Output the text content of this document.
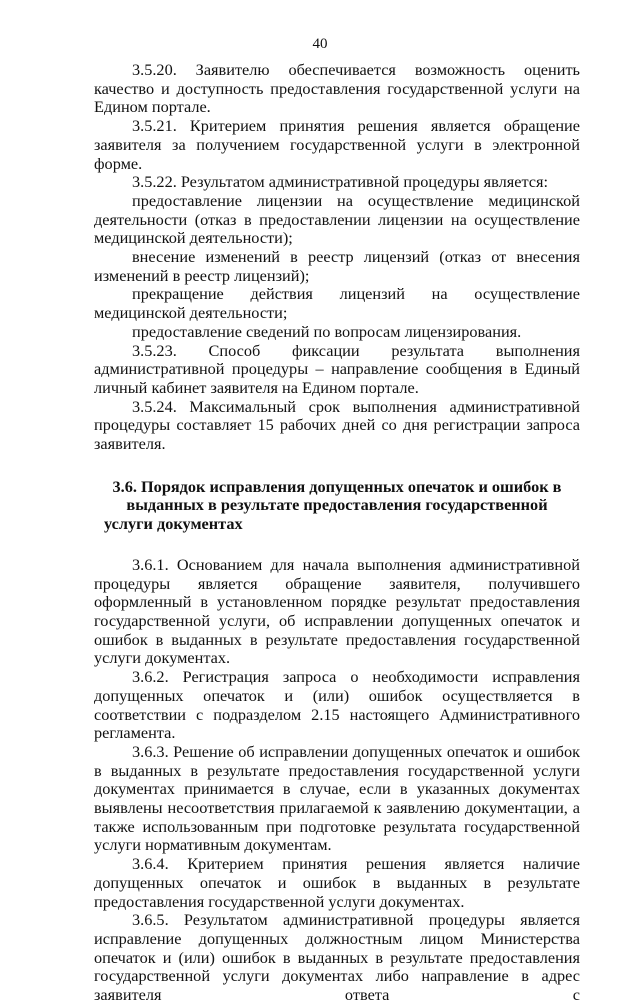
40

3.5.20. Заявителю обеспечивается возможность оценить качество и доступность предоставления государственной услуги на Едином портале.

3.5.21. Критерием принятия решения является обращение заявителя за получением государственной услуги в электронной форме.

3.5.22. Результатом административной процедуры является:

предоставление лицензии на осуществление медицинской деятельности (отказ в предоставлении лицензии на осуществление медицинской деятельности);

внесение изменений в реестр лицензий (отказ от внесения изменений в реестр лицензий);

прекращение действия лицензий на осуществление медицинской деятельности;

предоставление сведений по вопросам лицензирования.

3.5.23. Способ фиксации результата выполнения административной процедуры – направление сообщения в Единый личный кабинет заявителя на Едином портале.

3.5.24. Максимальный срок выполнения административной процедуры составляет 15 рабочих дней со дня регистрации запроса заявителя.

3.6. Порядок исправления допущенных опечаток и ошибок в выданных в результате предоставления государственной услуги документах

3.6.1. Основанием для начала выполнения административной процедуры является обращение заявителя, получившего оформленный в установленном порядке результат предоставления государственной услуги, об исправлении допущенных опечаток и ошибок в выданных в результате предоставления государственной услуги документах.

3.6.2. Регистрация запроса о необходимости исправления допущенных опечаток и (или) ошибок осуществляется в соответствии с подразделом 2.15 настоящего Административного регламента.

3.6.3. Решение об исправлении допущенных опечаток и ошибок в выданных в результате предоставления государственной услуги документах принимается в случае, если в указанных документах выявлены несоответствия прилагаемой к заявлению документации, а также использованным при подготовке результата государственной услуги нормативным документам.

3.6.4. Критерием принятия решения является наличие допущенных опечаток и ошибок в выданных в результате предоставления государственной услуги документах.

3.6.5. Результатом административной процедуры является исправление допущенных должностным лицом Министерства опечаток и (или) ошибок в выданных в результате предоставления государственной услуги документах либо направление в адрес заявителя ответа с
